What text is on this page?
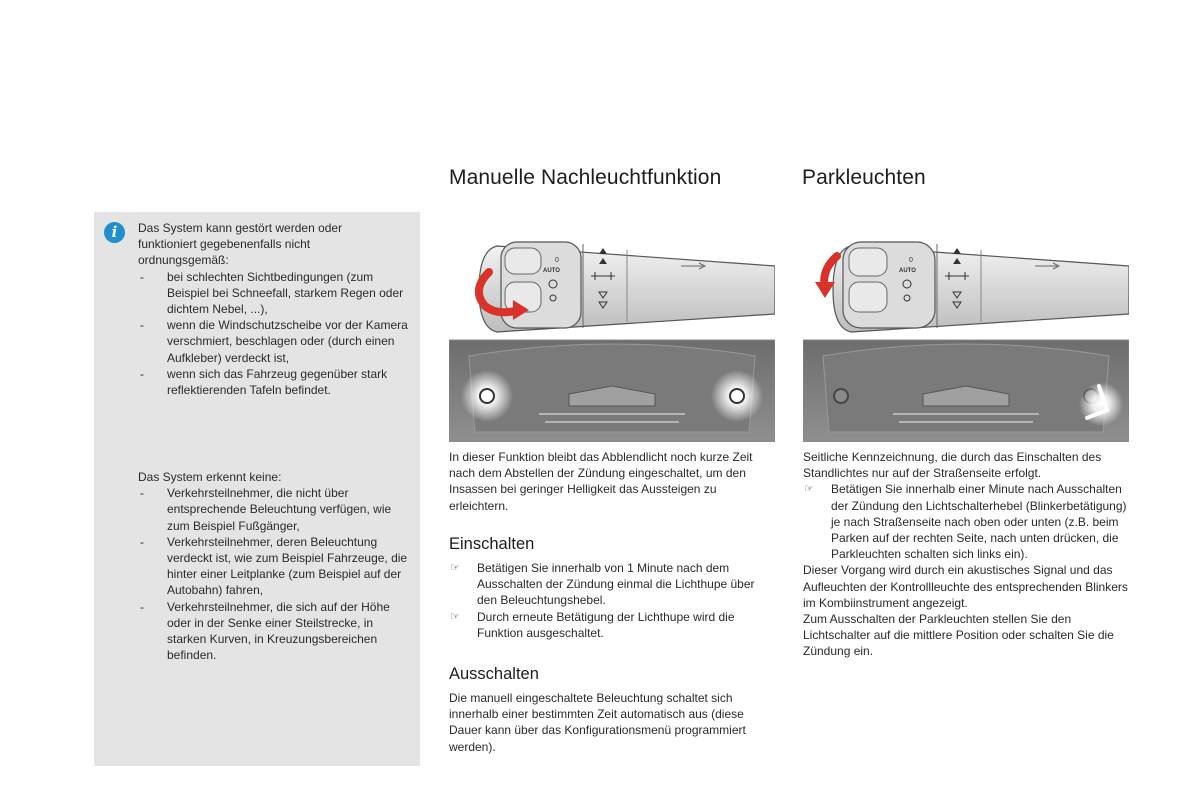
i	Das System kann gestört werden oder funktioniert gegebenenfalls nicht ordnungsgemäß:

- bei schlechten Sichtbedingungen (zum Beispiel bei Schneefall, starkem Regen oder dichtem Nebel, ...),
- wenn die Windschutzscheibe vor der Kamera verschmiert, beschlagen oder (durch einen Aufkleber) verdeckt ist,
- wenn sich das Fahrzeug gegenüber stark reflektierenden Tafeln befindet.

Das System erkennt keine:

- Verkehrsteilnehmer, die nicht über entsprechende Beleuchtung verfügen, wie zum Beispiel Fußgänger,
- Verkehrsteilnehmer, deren Beleuchtung verdeckt ist, wie zum Beispiel Fahrzeuge, die hinter einer Leitplanke (zum Beispiel auf der Autobahn) fahren,
- Verkehrsteilnehmer, die sich auf der Höhe oder in der Senke einer Steilstrecke, in starken Kurven, in Kreuzungsbereichen befinden.
Manuelle Nachleuchtfunktion
0
AUTO

In dieser Funktion bleibt das Abblendlicht noch kurze Zeit nach dem Abstellen der Zündung eingeschaltet, um den Insassen bei geringer Helligkeit das Aussteigen zu erleichtern.

Einschalten
☞ Betätigen Sie innerhalb von 1 Minute nach dem Ausschalten der Zündung einmal die Lichthupe über den Beleuchtungshebel.
☞ Durch erneute Betätigung der Lichthupe wird die Funktion ausgeschaltet.
Ausschalten

Die manuell eingeschaltete Beleuchtung schaltet sich innerhalb einer bestimmten Zeit automatisch aus (diese Dauer kann über das Konfigurationsmenü programmiert werden).

Parkleuchten
0
AUTO

Seitliche Kennzeichnung, die durch das Einschalten des Standlichtes nur auf der Straßenseite erfolgt.

☞ Betätigen Sie innerhalb einer Minute nach Ausschalten der Zündung den Lichtschalterhebel (Blinkerbetätigung) je nach Straßenseite nach oben oder unten (z.B. beim Parken auf der rechten Seite, nach unten drücken, die Parkleuchten schalten sich links ein).

Dieser Vorgang wird durch ein akustisches Signal und das Aufleuchten der Kontrollleuchte des entsprechenden Blinkers im Kombiinstrument angezeigt.

Zum Ausschalten der Parkleuchten stellen Sie den Lichtschalter auf die mittlere Position oder schalten Sie die Zündung ein.
